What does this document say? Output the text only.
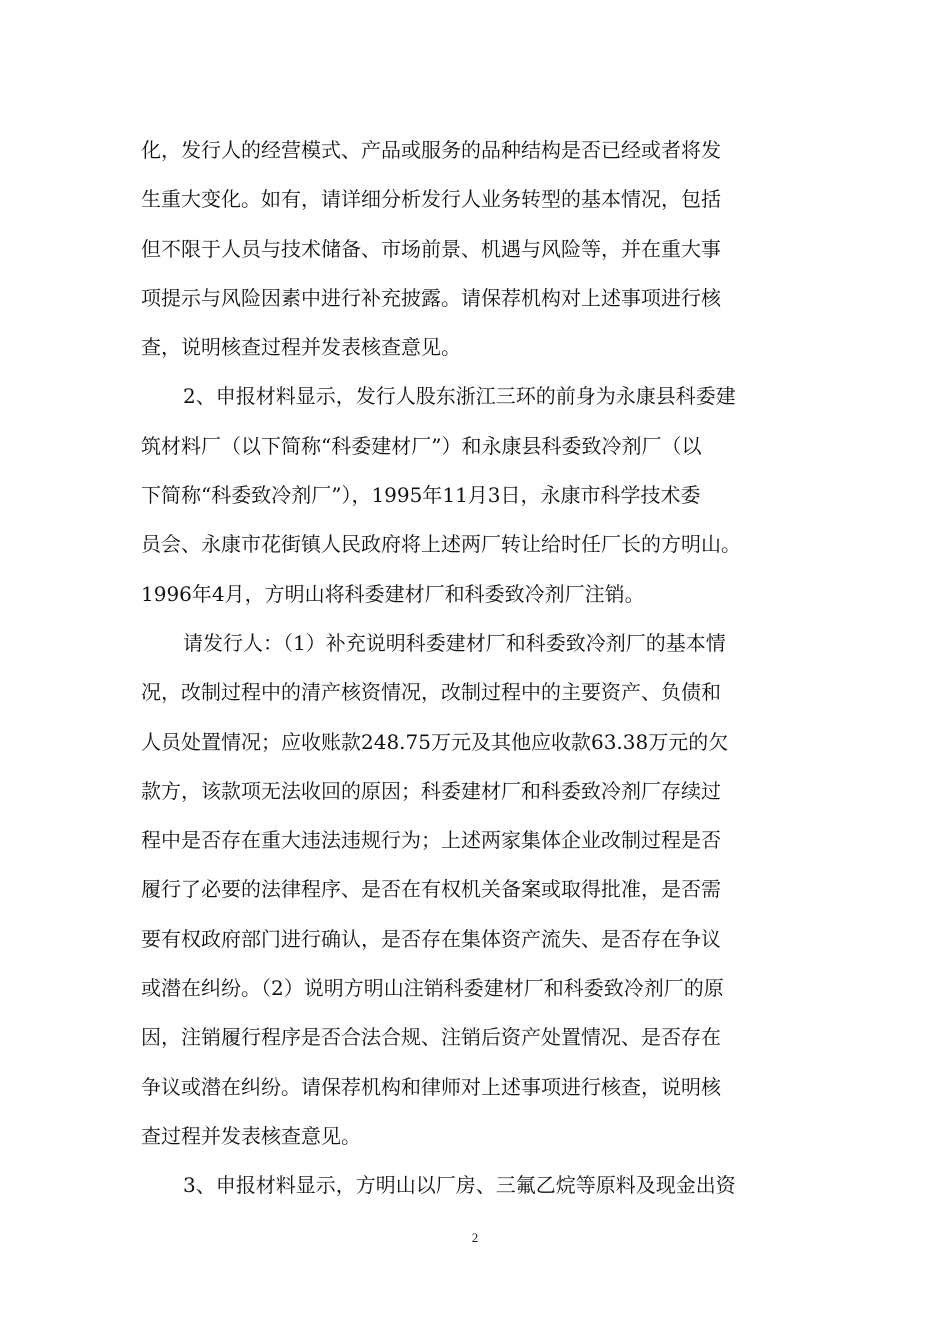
化，发行人的经营模式、产品或服务的品种结构是否已经或者将发
生重大变化。如有，请详细分析发行人业务转型的基本情况，包括
但不限于人员与技术储备、市场前景、机遇与风险等，并在重大事
项提示与风险因素中进行补充披露。请保荐机构对上述事项进行核
查，说明核查过程并发表核查意见。
2、申报材料显示，发行人股东浙江三环的前身为永康县科委建
筑材料厂（以下简称“科委建材厂”）和永康县科委致冷剂厂（以
下简称“科委致冷剂厂”），1995年11月3日，永康市科学技术委
员会、永康市花街镇人民政府将上述两厂转让给时任厂长的方明山。
1996年4月，方明山将科委建材厂和科委致冷剂厂注销。
请发行人：（1）补充说明科委建材厂和科委致冷剂厂的基本情
况，改制过程中的清产核资情况，改制过程中的主要资产、负债和
人员处置情况；应收账款248.75万元及其他应收款63.38万元的欠
款方，该款项无法收回的原因；科委建材厂和科委致冷剂厂存续过
程中是否存在重大违法违规行为；上述两家集体企业改制过程是否
履行了必要的法律程序、是否在有权机关备案或取得批准，是否需
要有权政府部门进行确认，是否存在集体资产流失、是否存在争议
或潜在纠纷。（2）说明方明山注销科委建材厂和科委致冷剂厂的原
因，注销履行程序是否合法合规、注销后资产处置情况、是否存在
争议或潜在纠纷。请保荐机构和律师对上述事项进行核查，说明核
查过程并发表核查意见。
3、申报材料显示，方明山以厂房、三氟乙烷等原料及现金出资
2
